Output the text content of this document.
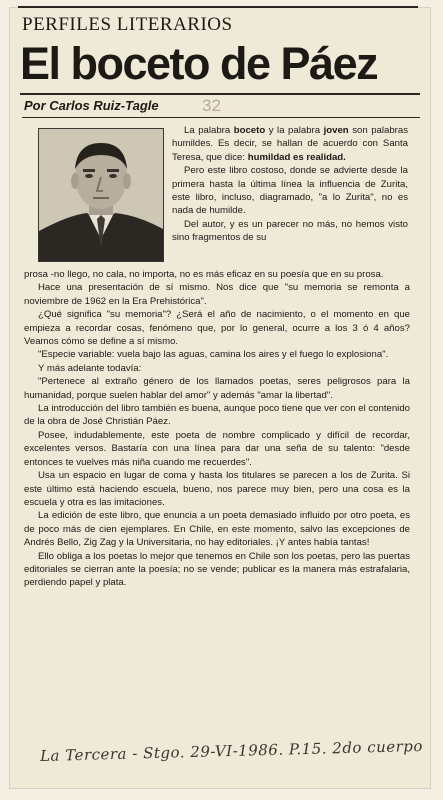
PERFILES LITERARIOS
El boceto de Páez
Por Carlos Ruiz-Tagle	32

La palabra boceto y la palabra joven son palabras humildes. Es decir, se hallan de acuerdo con Santa Teresa, que dice: humildad es realidad.

Pero este libro costoso, donde se advierte desde la primera hasta la última línea la influencia de Zurita, este libro, incluso, diagramado, "a lo Zurita", no es nada de humilde.

Del autor, y es un parecer no más, no hemos visto sino fragmentos de su

prosa -no llego, no cala, no importa, no es más eficaz en su poesía que en su prosa.

Hace una presentación de sí mismo. Nos dice que "su memoria se remonta a noviembre de 1962 en la Era Prehistórica".

¿Qué significa "su memoria"? ¿Será el año de nacimiento, o el momento en que empieza a recordar cosas, fenómeno que, por lo general, ocurre a los 3 ó 4 años? Veamos cómo se define a sí mismo.

"Especie variable: vuela bajo las aguas, camina los aires y el fuego lo explosiona".

Y más adelante todavía:

"Pertenece al extraño género de los llamados poetas, seres peligrosos para la humanidad, porque suelen hablar del amor" y además "amar la libertad".

La introducción del libro también es buena, aunque poco tiene que ver con el contenido de la obra de José Christián Páez.

Posee, indudablemente, este poeta de nombre complicado y difícil de recordar, excelentes versos. Bastaría con una línea para dar una seña de su talento: "desde entonces te vuelves más niña cuando me recuerdes".

Usa un espacio en lugar de coma y hasta los titulares se parecen a los de Zurita. Si este último está haciendo escuela, bueno, nos parece muy bien, pero una cosa es la escuela y otra es las imitaciones.

La edición de este libro, que enuncia a un poeta demasiado influido por otro poeta, es de poco más de cien ejemplares. En Chile, en este momento, salvo las excepciones de Andrés Bello, Zig Zag y la Universitaria, no hay editoriales. ¡Y antes había tantas!

Ello obliga a los poetas lo mejor que tenemos en Chile son los poetas, pero las puertas editoriales se cierran ante la poesía; no se vende; publicar es la manera más estrafalaria, perdiendo papel y plata.

La Tercera - Stgo. 29-VI-1986. P.15. 2do cuerpo
